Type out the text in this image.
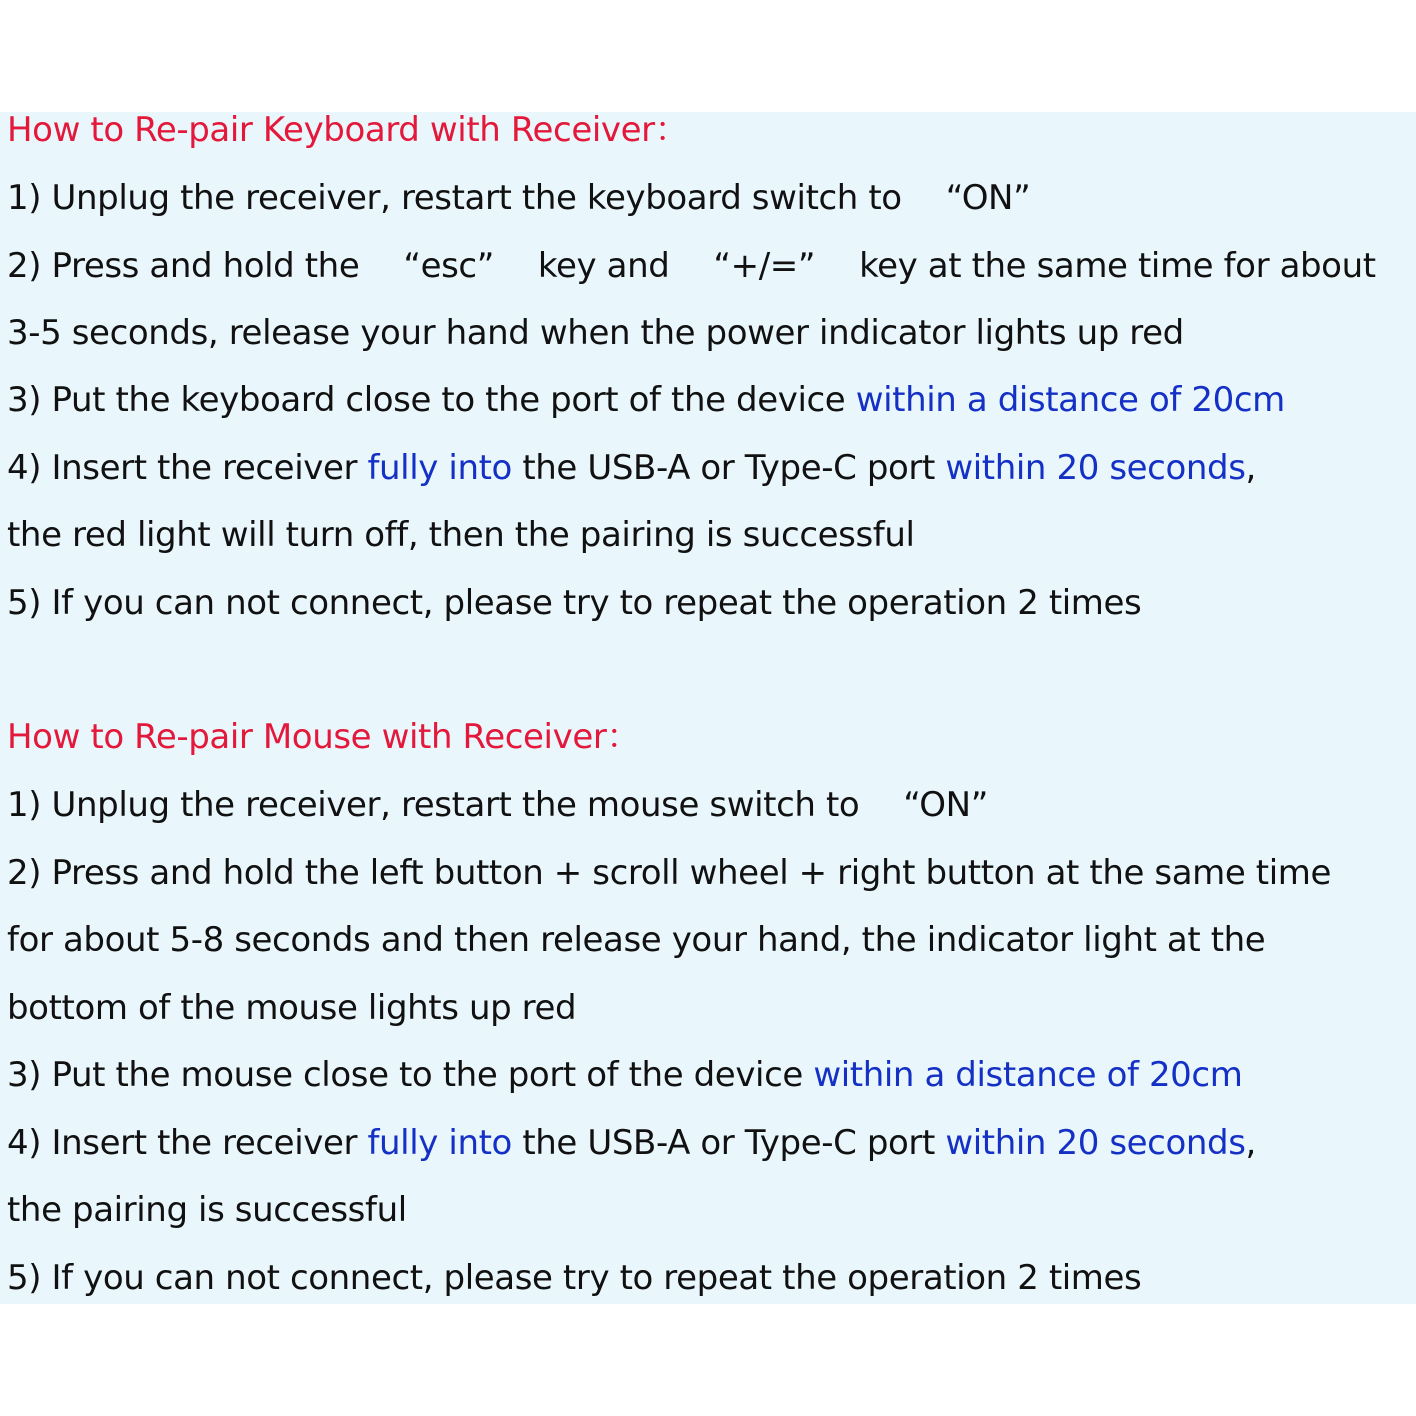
How to Re-pair Keyboard with Receiver：
1) Unplug the receiver, restart the keyboard switch to 　“ON”
2) Press and hold the 　“esc” 　key and 　“+/=” 　key at the same time for about
3-5 seconds, release your hand when the power indicator lights up red
3) Put the keyboard close to the port of the device within a distance of 20cm
4) Insert the receiver fully into the USB-A or Type-C port within 20 seconds,
the red light will turn off, then the pairing is successful
5) If you can not connect, please try to repeat the operation 2 times
How to Re-pair Mouse with Receiver：
1) Unplug the receiver, restart the mouse switch to 　“ON”
2) Press and hold the left button + scroll wheel + right button at the same time
for about 5-8 seconds and then release your hand, the indicator light at the
bottom of the mouse lights up red
3) Put the mouse close to the port of the device within a distance of 20cm
4) Insert the receiver fully into the USB-A or Type-C port within 20 seconds,
the pairing is successful
5) If you can not connect, please try to repeat the operation 2 times
